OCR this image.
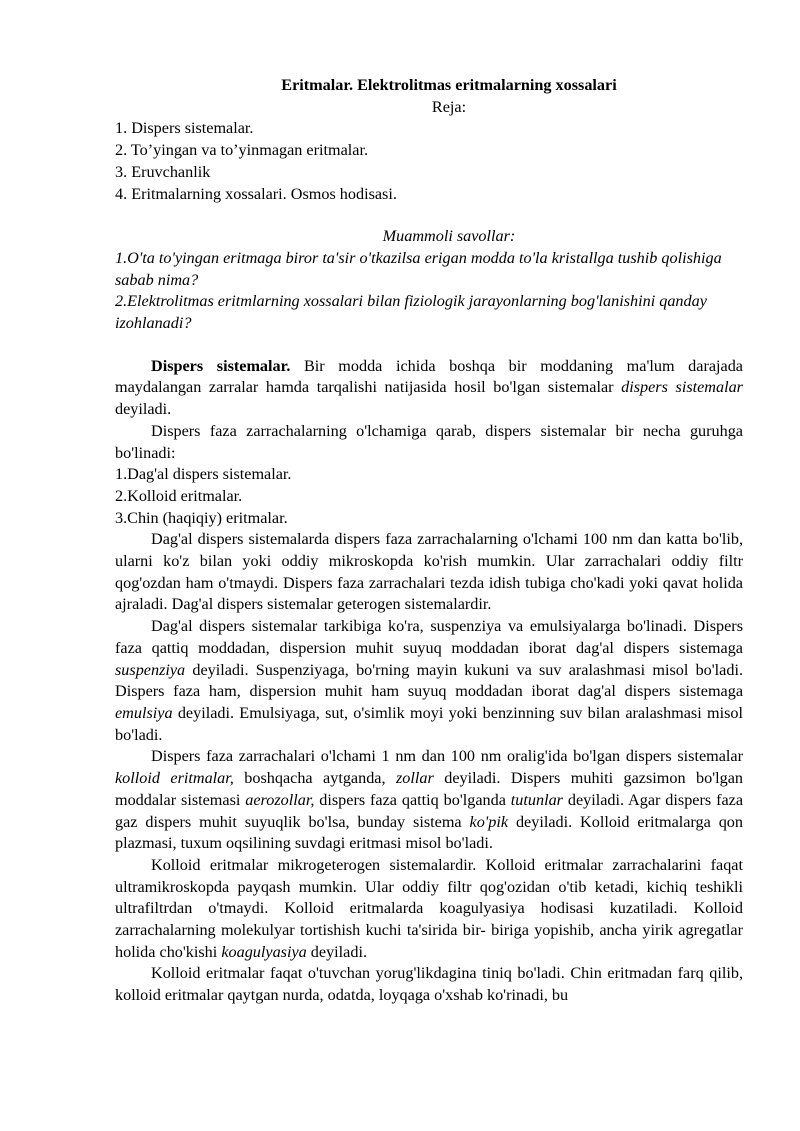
Eritmalar. Elektrolitmas eritmalarning xossalari

Reja:

1. Dispers sistemalar.

2. To’yingan va to’yinmagan eritmalar.

3. Eruvchanlik

4. Eritmalarning xossalari. Osmos hodisasi.

Muammoli savollar:

1.O'ta to'yingan eritmaga biror ta'sir o'tkazilsa erigan modda to'la kristallga tushib qolishiga sabab nima?

2.Elektrolitmas eritmlarning xossalari bilan fiziologik jarayonlarning bog'lanishini qanday izohlanadi?

Dispers sistemalar. Bir modda ichida boshqa bir moddaning ma'lum darajada maydalangan zarralar hamda tarqalishi natijasida hosil bo'lgan sistemalar dispers sistemalar deyiladi.

Dispers faza zarrachalarning o'lchamiga qarab, dispers sistemalar bir necha guruhga bo'linadi:

1.Dag'al dispers sistemalar.

2.Kolloid eritmalar.

3.Chin (haqiqiy) eritmalar.

Dag'al dispers sistemalarda dispers faza zarrachalarning o'lchami 100 nm dan katta bo'lib, ularni ko'z bilan yoki oddiy mikroskopda ko'rish mumkin. Ular zarrachalari oddiy filtr qog'ozdan ham o'tmaydi. Dispers faza zarrachalari tezda idish tubiga cho'kadi yoki qavat holida ajraladi. Dag'al dispers sistemalar geterogen sistemalardir.

Dag'al dispers sistemalar tarkibiga ko'ra, suspenziya va emulsiyalarga bo'linadi. Dispers faza qattiq moddadan, dispersion muhit suyuq moddadan iborat dag'al dispers sistemaga suspenziya deyiladi. Suspenziyaga, bo'rning mayin kukuni va suv aralashmasi misol bo'ladi. Dispers faza ham, dispersion muhit ham suyuq moddadan iborat dag'al dispers sistemaga emulsiya deyiladi. Emulsiyaga, sut, o'simlik moyi yoki benzinning suv bilan aralashmasi misol bo'ladi.

Dispers faza zarrachalari o'lchami 1 nm dan 100 nm oralig'ida bo'lgan dispers sistemalar kolloid eritmalar, boshqacha aytganda, zollar deyiladi. Dispers muhiti gazsimon bo'lgan moddalar sistemasi aerozollar, dispers faza qattiq bo'lganda tutunlar deyiladi. Agar dispers faza gaz dispers muhit suyuqlik bo'lsa, bunday sistema ko'pik deyiladi. Kolloid eritmalarga qon plazmasi, tuxum oqsilining suvdagi eritmasi misol bo'ladi.

Kolloid eritmalar mikrogeterogen sistemalardir. Kolloid eritmalar zarrachalarini faqat ultramikroskopda payqash mumkin. Ular oddiy filtr qog'ozidan o'tib ketadi, kichiq teshikli ultrafiltrdan o'tmaydi. Kolloid eritmalarda koagulyasiya hodisasi kuzatiladi. Kolloid zarrachalarning molekulyar tortishish kuchi ta'sirida bir- biriga yopishib, ancha yirik agregatlar holida cho'kishi koagulyasiya deyiladi.

Kolloid eritmalar faqat o'tuvchan yorug'likdagina tiniq bo'ladi. Chin eritmadan farq qilib, kolloid eritmalar qaytgan nurda, odatda, loyqaga o'xshab ko'rinadi, bu
